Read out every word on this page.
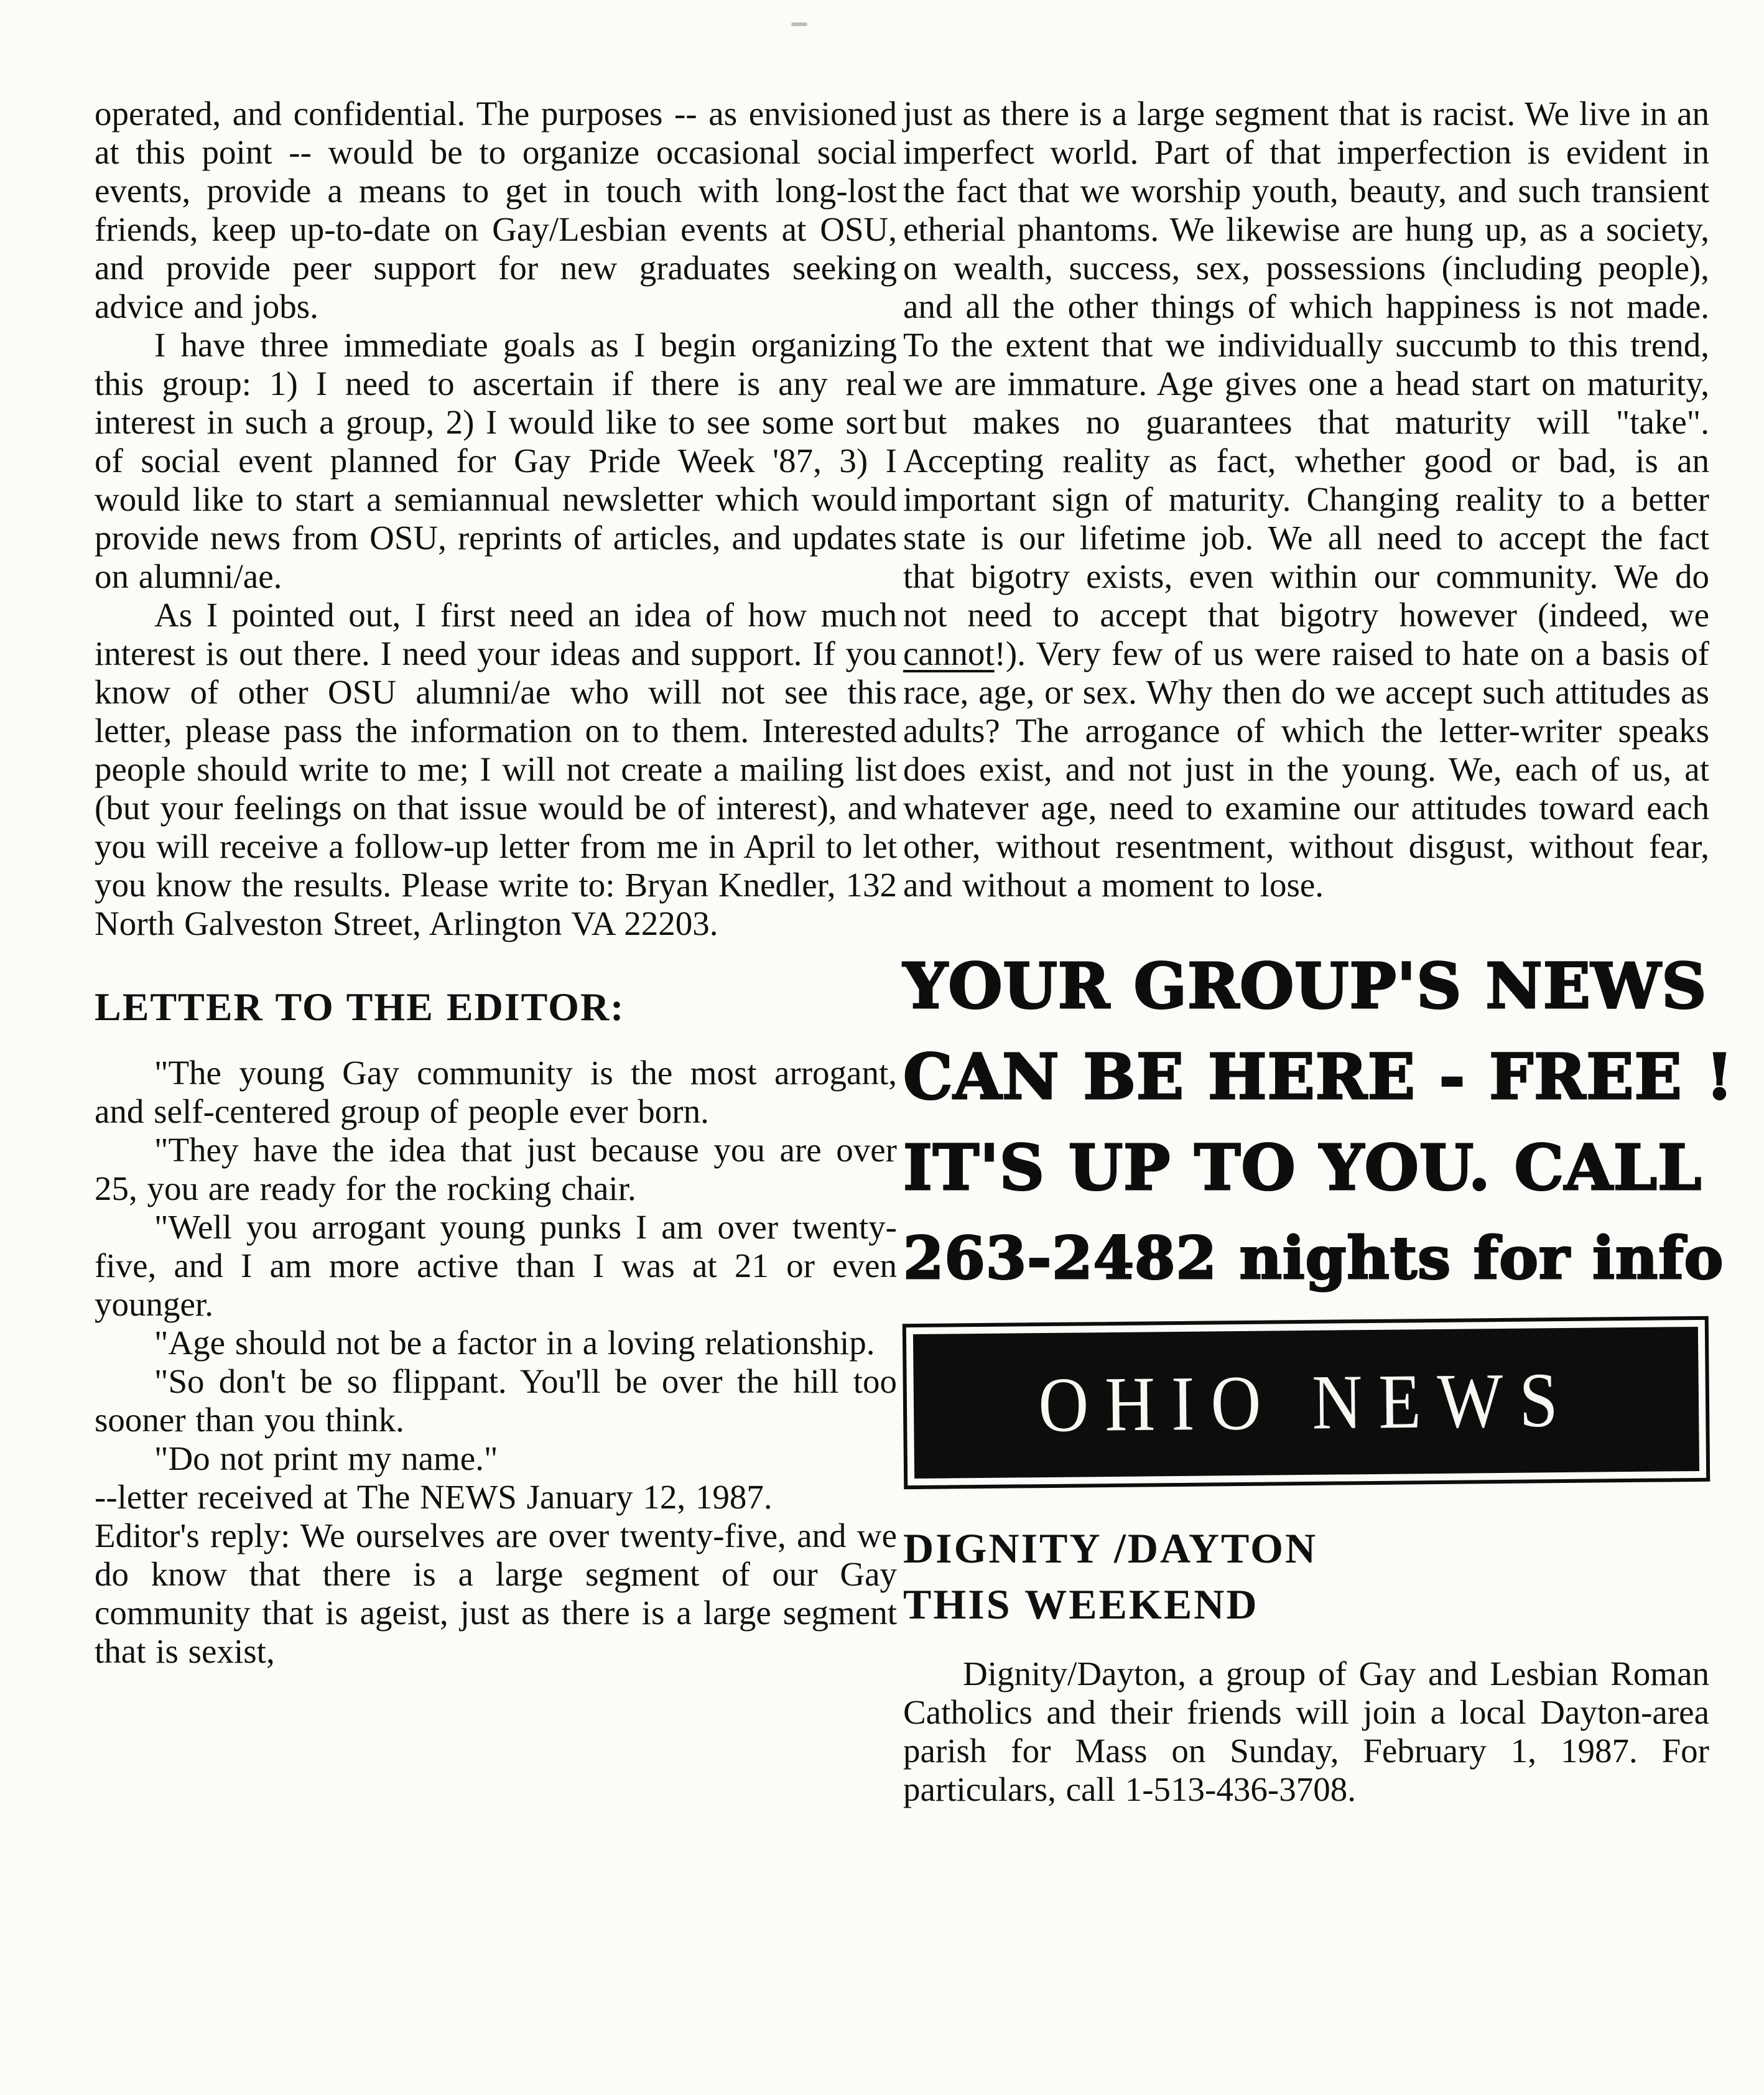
operated, and confidential. The purposes -- as envisioned at this point -- would be to organize occasional social events, provide a means to get in touch with long-lost friends, keep up-to-date on Gay/Lesbian events at OSU, and provide peer support for new graduates seeking advice and jobs.

I have three immediate goals as I begin organizing this group: 1) I need to ascertain if there is any real interest in such a group, 2) I would like to see some sort of social event planned for Gay Pride Week '87, 3) I would like to start a semiannual newsletter which would provide news from OSU, reprints of articles, and updates on alumni/ae.

As I pointed out, I first need an idea of how much interest is out there. I need your ideas and support. If you know of other OSU alumni/ae who will not see this letter, please pass the information on to them. Interested people should write to me; I will not create a mailing list (but your feelings on that issue would be of interest), and you will receive a follow-up letter from me in April to let you know the results. Please write to: Bryan Knedler, 132 North Galveston Street, Arlington VA 22203.

LETTER TO THE EDITOR:

"The young Gay community is the most arrogant, and self-centered group of people ever born.

"They have the idea that just because you are over 25, you are ready for the rocking chair.

"Well you arrogant young punks I am over twenty-five, and I am more active than I was at 21 or even younger.

"Age should not be a factor in a loving relationship.

"So don't be so flippant. You'll be over the hill too sooner than you think.

"Do not print my name."

--letter received at The NEWS January 12, 1987.

Editor's reply: We ourselves are over twenty-five, and we do know that there is a large segment of our Gay community that is ageist, just as there is a large segment that is sexist,

just as there is a large segment that is racist. We live in an imperfect world. Part of that imperfection is evident in the fact that we worship youth, beauty, and such transient etherial phantoms. We likewise are hung up, as a society, on wealth, success, sex, possessions (including people), and all the other things of which happiness is not made. To the extent that we individually succumb to this trend, we are immature. Age gives one a head start on maturity, but makes no guarantees that maturity will "take". Accepting reality as fact, whether good or bad, is an important sign of maturity. Changing reality to a better state is our lifetime job. We all need to accept the fact that bigotry exists, even within our community. We do not need to accept that bigotry however (indeed, we cannot!). Very few of us were raised to hate on a basis of race, age, or sex. Why then do we accept such attitudes as adults? The arrogance of which the letter-writer speaks does exist, and not just in the young. We, each of us, at whatever age, need to examine our attitudes toward each other, without resentment, without disgust, without fear, and without a moment to lose.

YOUR GROUP'S NEWS
CAN BE HERE - FREE !
IT'S UP TO YOU. CALL
263-2482 nights for info
OHIO NEWS
DIGNITY /DAYTON
THIS WEEKEND

Dignity/Dayton, a group of Gay and Lesbian Roman Catholics and their friends will join a local Dayton-area parish for Mass on Sunday, February 1, 1987. For particulars, call 1-513-436-3708.
